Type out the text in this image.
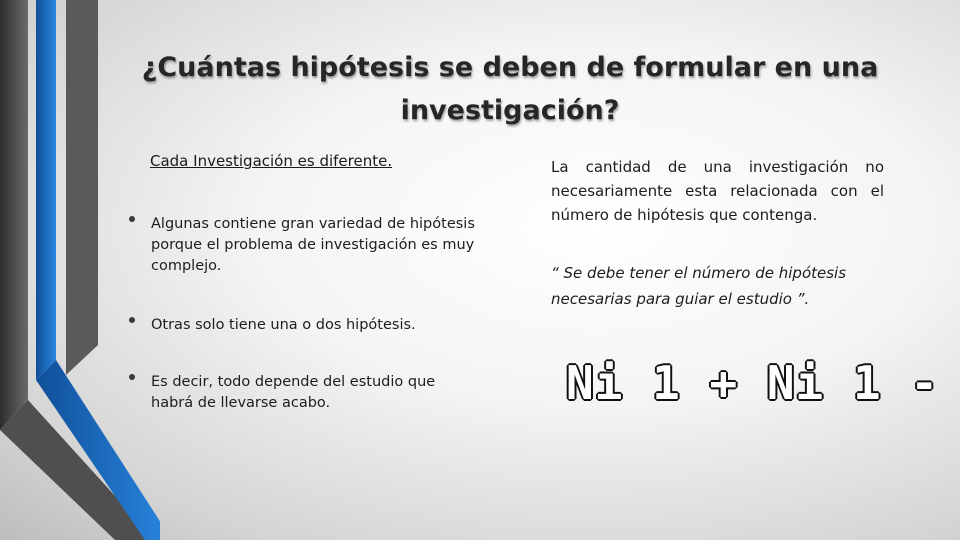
¿Cuántas hipótesis se deben de formular en una investigación?
Cada Investigación es diferente.
Algunas contiene gran variedad de hipótesis porque el problema de investigación es muy complejo.
Otras solo tiene una o dos hipótesis.
Es decir, todo depende del estudio que habrá de llevarse acabo.

La cantidad de una investigación no necesariamente esta relacionada con el número de hipótesis que contenga.

“ Se debe tener el número de hipótesis necesarias para guiar el estudio ”.

Ni 1 + Ni 1 -
